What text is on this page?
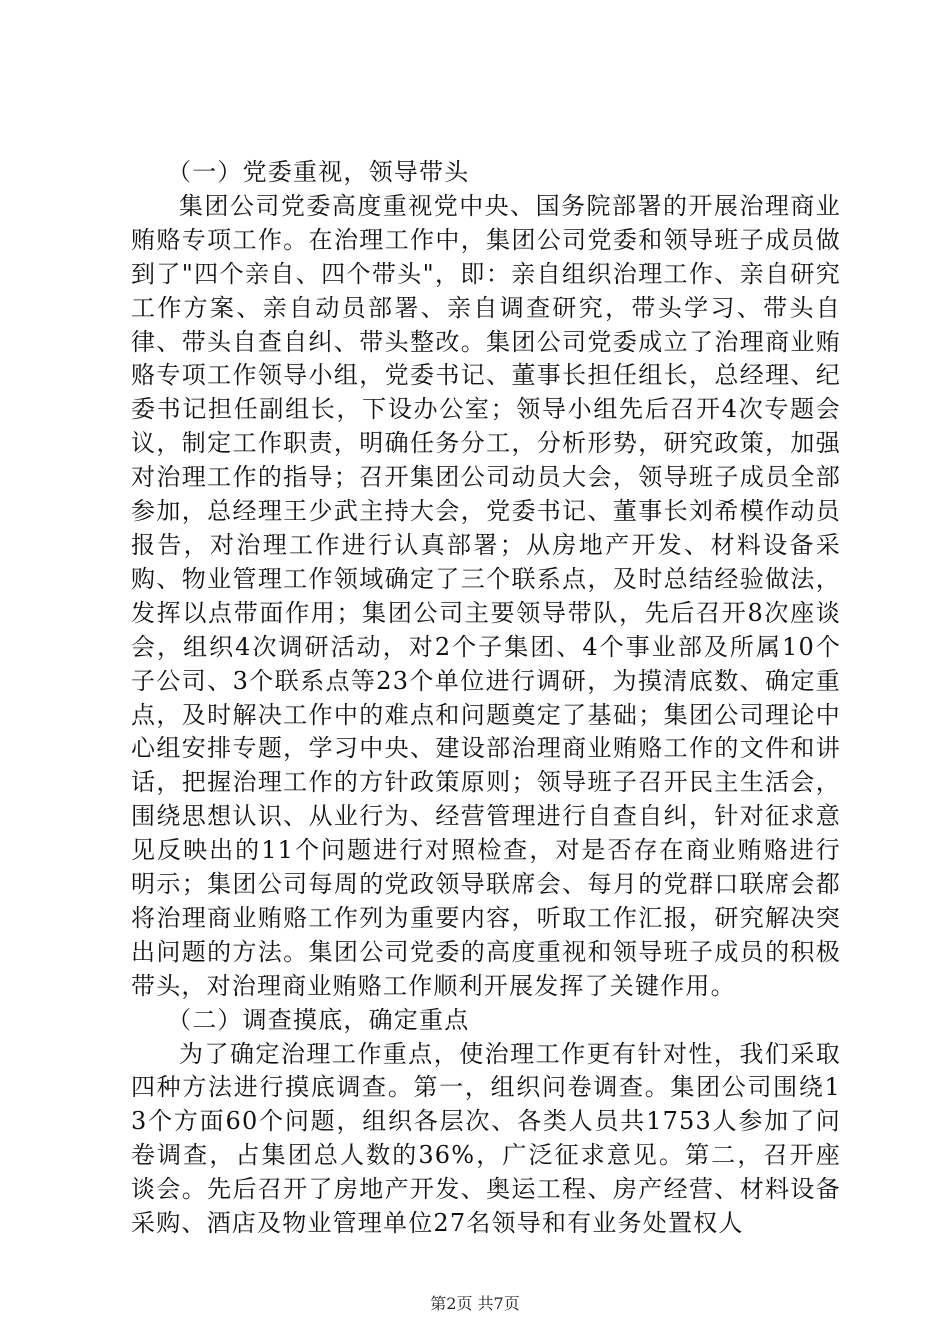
（一）党委重视，领导带头

集团公司党委高度重视党中央、国务院部署的开展治理商业贿赂专项工作。在治理工作中，集团公司党委和领导班子成员做到了"四个亲自、四个带头"，即：亲自组织治理工作、亲自研究工作方案、亲自动员部署、亲自调查研究，带头学习、带头自律、带头自查自纠、带头整改。集团公司党委成立了治理商业贿赂专项工作领导小组，党委书记、董事长担任组长，总经理、纪委书记担任副组长，下设办公室；领导小组先后召开4次专题会议，制定工作职责，明确任务分工，分析形势，研究政策，加强对治理工作的指导；召开集团公司动员大会，领导班子成员全部参加，总经理王少武主持大会，党委书记、董事长刘希模作动员报告，对治理工作进行认真部署；从房地产开发、材料设备采购、物业管理工作领域确定了三个联系点，及时总结经验做法，发挥以点带面作用；集团公司主要领导带队，先后召开8次座谈会，组织4次调研活动，对2个子集团、4个事业部及所属10个子公司、3个联系点等23个单位进行调研，为摸清底数、确定重点，及时解决工作中的难点和问题奠定了基础；集团公司理论中心组安排专题，学习中央、建设部治理商业贿赂工作的文件和讲话，把握治理工作的方针政策原则；领导班子召开民主生活会，围绕思想认识、从业行为、经营管理进行自查自纠，针对征求意见反映出的11个问题进行对照检查，对是否存在商业贿赂进行明示；集团公司每周的党政领导联席会、每月的党群口联席会都将治理商业贿赂工作列为重要内容，听取工作汇报，研究解决突出问题的方法。集团公司党委的高度重视和领导班子成员的积极带头，对治理商业贿赂工作顺利开展发挥了关键作用。

（二）调查摸底，确定重点

为了确定治理工作重点，使治理工作更有针对性，我们采取四种方法进行摸底调查。第一，组织问卷调查。集团公司围绕13个方面60个问题，组织各层次、各类人员共1753人参加了问卷调查，占集团总人数的36%，广泛征求意见。第二，召开座谈会。先后召开了房地产开发、奥运工程、房产经营、材料设备采购、酒店及物业管理单位27名领导和有业务处置权人

第2页 共7页
